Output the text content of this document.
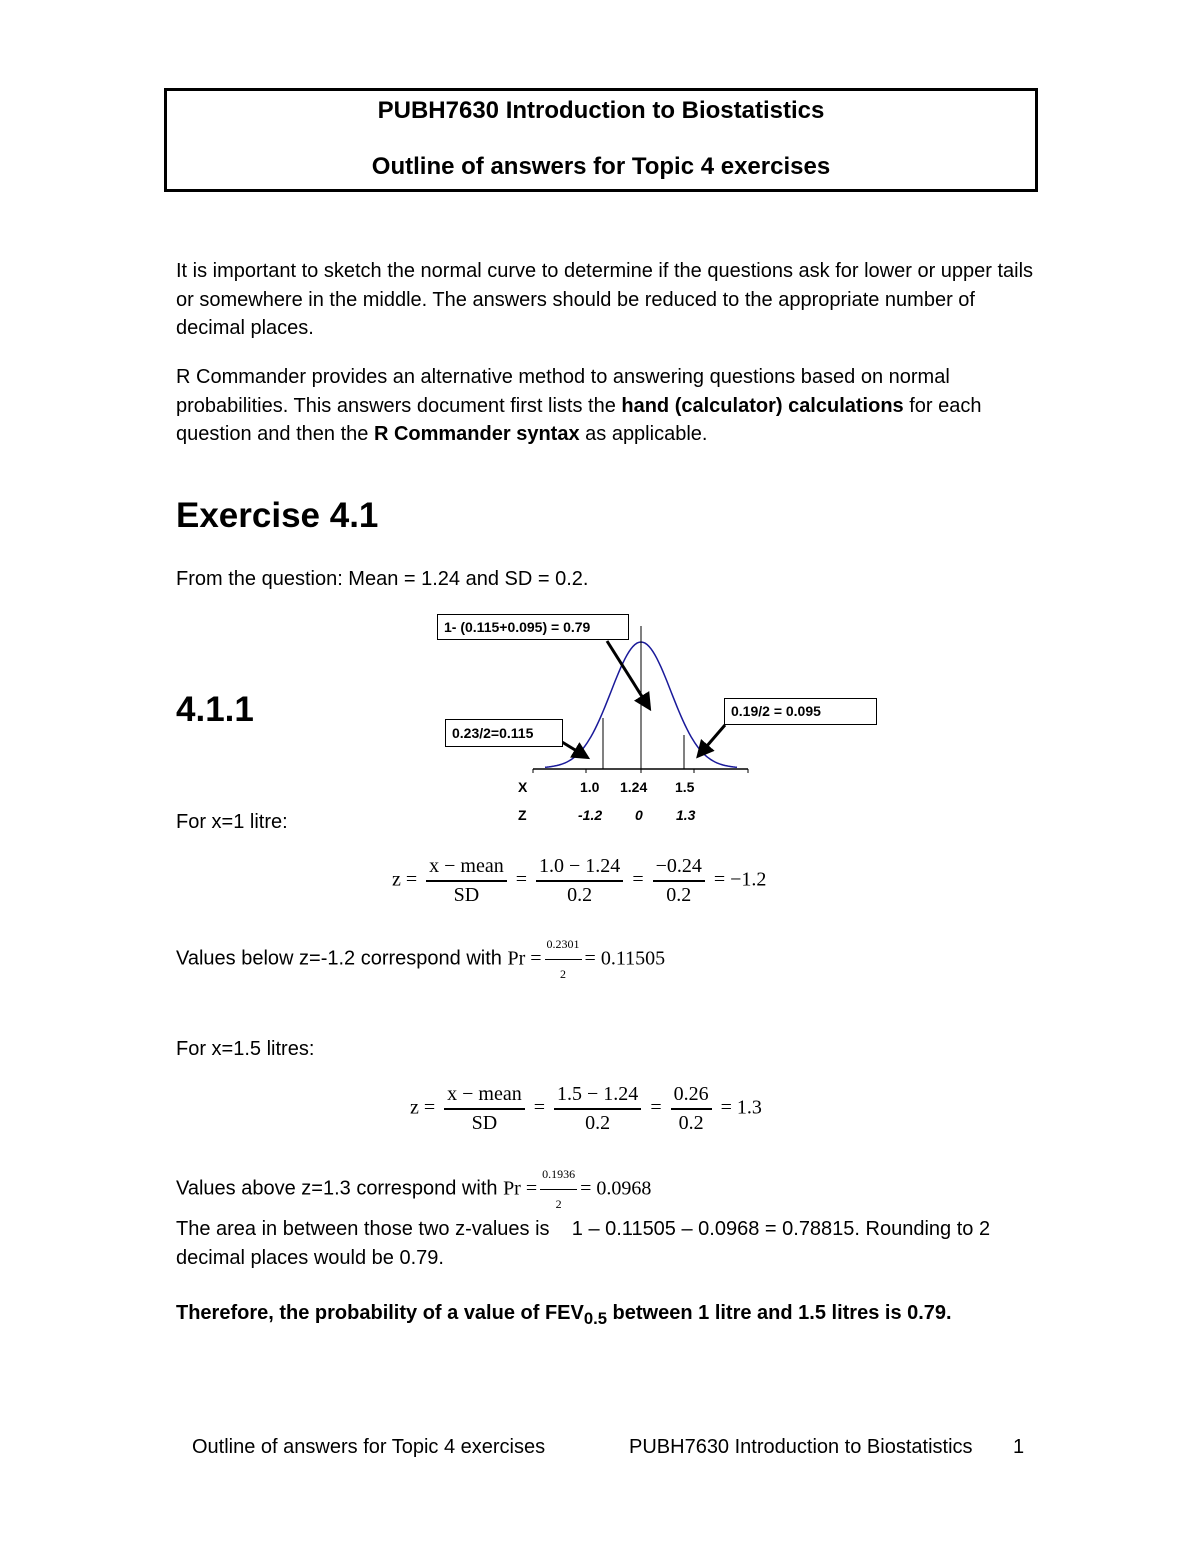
PUBH7630 Introduction to Biostatistics
Outline of answers for Topic 4 exercises
It is important to sketch the normal curve to determine if the questions ask for lower or upper tails or somewhere in the middle. The answers should be reduced to the appropriate number of decimal places.
R Commander provides an alternative method to answering questions based on normal probabilities. This answers document first lists the hand (calculator) calculations for each question and then the R Commander syntax as applicable.
Exercise 4.1
From the question: Mean = 1.24 and SD = 0.2.
4.1.1
1- (0.115+0.095) = 0.79
0.23/2=0.115
0.19/2 = 0.095
X	1.0 1.24 1.5
Z	-1.2 0 1.3
For x=1 litre:
$z = \frac{\text{x − mean}}{SD} = \frac{1.0 - 1.24}{0.2} = \frac{-0.24}{0.2} = -1.2$
Values below z=-1.2 correspond with $Pr = \frac{0.2301}{2} = 0.11505$
For x=1.5 litres:
$z = \frac{\text{x − mean}}{SD} = \frac{1.5 - 1.24}{0.2} = \frac{0.26}{0.2} = 1.3$
Values above z=1.3 correspond with $Pr = \frac{0.1936}{2} = 0.0968$
The area in between those two z-values is    1 – 0.11505 – 0.0968 = 0.78815. Rounding to 2 decimal places would be 0.79.
Therefore, the probability of a value of $FEV_{0.5}$ between 1 litre and 1.5 litres is 0.79.
Outline of answers for Topic 4 exercises	PUBH7630 Introduction to Biostatistics 1
